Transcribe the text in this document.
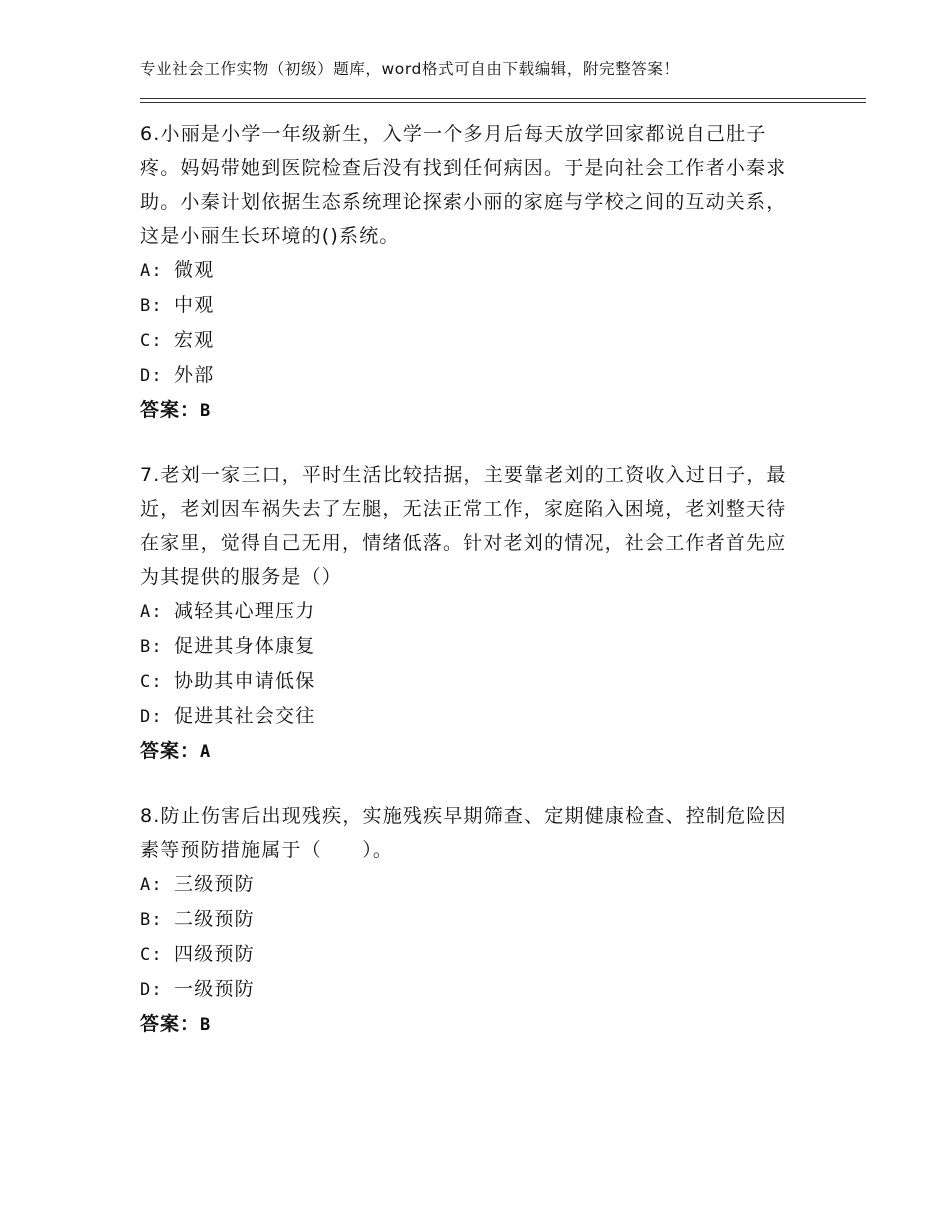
专业社会工作实物（初级）题库，word格式可自由下载编辑，附完整答案！

6.小丽是小学一年级新生，入学一个多月后每天放学回家都说自己肚子疼。妈妈带她到医院检查后没有找到任何病因。于是向社会工作者小秦求助。小秦计划依据生态系统理论探索小丽的家庭与学校之间的互动关系，这是小丽生长环境的()系统。

A: 微观
B: 中观
C: 宏观
D: 外部
答案：B

7.老刘一家三口，平时生活比较拮据，主要靠老刘的工资收入过日子，最近，老刘因车祸失去了左腿，无法正常工作，家庭陷入困境，老刘整天待在家里，觉得自己无用，情绪低落。针对老刘的情况，社会工作者首先应为其提供的服务是（）

A: 减轻其心理压力
B: 促进其身体康复
C: 协助其申请低保
D: 促进其社会交往
答案：A

8.防止伤害后出现残疾，实施残疾早期筛查、定期健康检查、控制危险因素等预防措施属于（　　）。

A: 三级预防
B: 二级预防
C: 四级预防
D: 一级预防
答案：B
